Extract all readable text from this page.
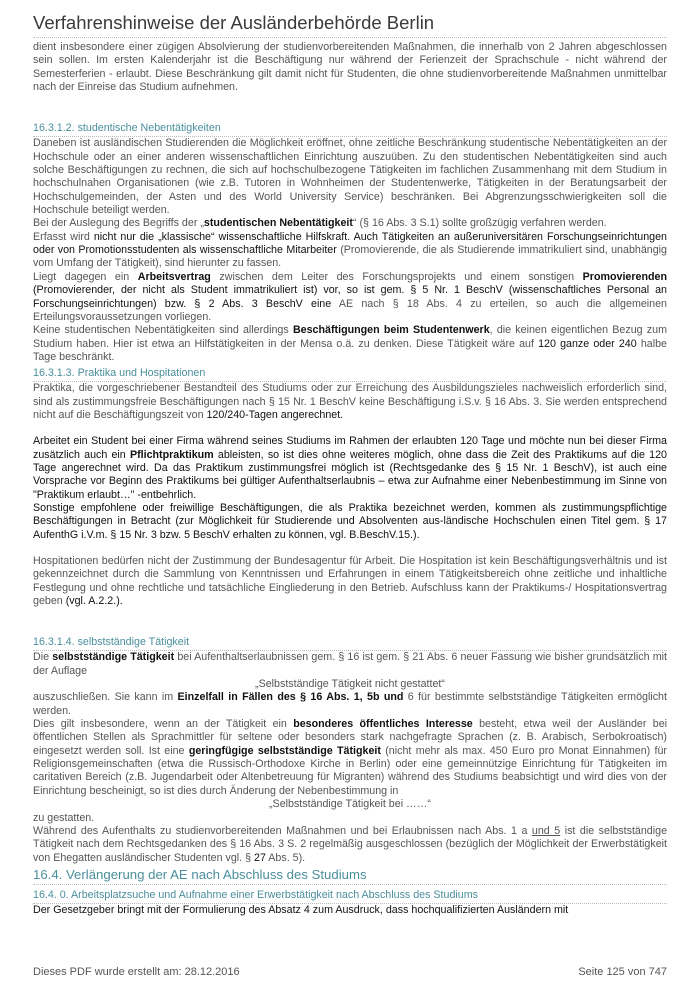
Verfahrenshinweise der Ausländerbehörde Berlin

dient insbesondere einer zügigen Absolvierung der studienvorbereitenden Maßnahmen, die innerhalb von 2 Jahren abgeschlossen sein sollen. Im ersten Kalenderjahr ist die Beschäftigung nur während der Ferienzeit der Sprachschule - nicht während der Semesterferien - erlaubt. Diese Beschränkung gilt damit nicht für Studenten, die ohne studienvorbereitende Maßnahmen unmittelbar nach der Einreise das Studium aufnehmen.

16.3.1.2. studentische Nebentätigkeiten

Daneben ist ausländischen Studierenden die Möglichkeit eröffnet, ohne zeitliche Beschränkung studentische Nebentätigkeiten an der Hochschule oder an einer anderen wissenschaftlichen Einrichtung auszuüben. Zu den studentischen Nebentätigkeiten sind auch solche Beschäftigungen zu rechnen, die sich auf hochschulbezogene Tätigkeiten im fachlichen Zusammenhang mit dem Studium in hochschulnahen Organisationen (wie z.B. Tutoren in Wohnheimen der Studentenwerke, Tätigkeiten in der Beratungsarbeit der Hochschulgemeinden, der Asten und des World University Service) beschränken. Bei Abgrenzungsschwierigkeiten soll die Hochschule beteiligt werden.

Bei der Auslegung des Begriffs der „studentischen Nebentätigkeit“ (§ 16 Abs. 3 S.1) sollte großzügig verfahren werden.

Erfasst wird nicht nur die „klassische“ wissenschaftliche Hilfskraft. Auch Tätigkeiten an außeruniversitären Forschungseinrichtungen oder von Promotionsstudenten als wissenschaftliche Mitarbeiter (Promovierende, die als Studierende immatrikuliert sind, unabhängig vom Umfang der Tätigkeit), sind hierunter zu fassen.

Liegt dagegen ein Arbeitsvertrag zwischen dem Leiter des Forschungsprojekts und einem sonstigen Promovierenden (Promovierender, der nicht als Student immatrikuliert ist) vor, so ist gem. § 5 Nr. 1 BeschV (wissenschaftliches Personal an Forschungseinrichtungen) bzw. § 2 Abs. 3 BeschV eine AE nach § 18 Abs. 4 zu erteilen, so auch die allgemeinen Erteilungsvoraussetzungen vorliegen.

Keine studentischen Nebentätigkeiten sind allerdings Beschäftigungen beim Studentenwerk, die keinen eigentlichen Bezug zum Studium haben. Hier ist etwa an Hilfstätigkeiten in der Mensa o.ä. zu denken. Diese Tätigkeit wäre auf 120 ganze oder 240 halbe Tage beschränkt.

16.3.1.3. Praktika und Hospitationen

Praktika, die vorgeschriebener Bestandteil des Studiums oder zur Erreichung des Ausbildungszieles nachweislich erforderlich sind, sind als zustimmungsfreie Beschäftigungen nach § 15 Nr. 1 BeschV keine Beschäftigung i.S.v. § 16 Abs. 3. Sie werden entsprechend nicht auf die Beschäftigungszeit von 120/240-Tagen angerechnet.

Arbeitet ein Student bei einer Firma während seines Studiums im Rahmen der erlaubten 120 Tage und möchte nun bei dieser Firma zusätzlich auch ein Pflichtpraktikum ableisten, so ist dies ohne weiteres möglich, ohne dass die Zeit des Praktikums auf die 120 Tage angerechnet wird. Da das Praktikum zustimmungsfrei möglich ist (Rechtsgedanke des § 15 Nr. 1 BeschV), ist auch eine Vorsprache vor Beginn des Praktikums bei gültiger Aufenthaltserlaubnis – etwa zur Aufnahme einer Nebenbestimmung im Sinne von "Praktikum erlaubt…" -entbehrlich.

Sonstige empfohlene oder freiwillige Beschäftigungen, die als Praktika bezeichnet werden, kommen als zustimmungspflichtige Beschäftigungen in Betracht (zur Möglichkeit für Studierende und Absolventen aus-ländische Hochschulen einen Titel gem. § 17 AufenthG i.V.m. § 15 Nr. 3 bzw. 5 BeschV erhalten zu können, vgl. B.BeschV.15.).

Hospitationen bedürfen nicht der Zustimmung der Bundesagentur für Arbeit. Die Hospitation ist kein Beschäftigungsverhältnis und ist gekennzeichnet durch die Sammlung von Kenntnissen und Erfahrungen in einem Tätigkeitsbereich ohne zeitliche und inhaltliche Festlegung und ohne rechtliche und tatsächliche Eingliederung in den Betrieb. Aufschluss kann der Praktikums-/ Hospitationsvertrag geben (vgl. A.2.2.).

16.3.1.4. selbstständige Tätigkeit

Die selbstständige Tätigkeit bei Aufenthaltserlaubnissen gem. § 16 ist gem. § 21 Abs. 6 neuer Fassung wie bisher grundsätzlich mit der Auflage

„Selbstständige Tätigkeit nicht gestattet“

auszuschließen. Sie kann im Einzelfall in Fällen des § 16 Abs. 1, 5b und 6 für bestimmte selbstständige Tätigkeiten ermöglicht werden.

Dies gilt insbesondere, wenn an der Tätigkeit ein besonderes öffentliches Interesse besteht, etwa weil der Ausländer bei öffentlichen Stellen als Sprachmittler für seltene oder besonders stark nachgefragte Sprachen (z. B. Arabisch, Serbokroatisch) eingesetzt werden soll. Ist eine geringfügige selbstständige Tätigkeit (nicht mehr als max. 450 Euro pro Monat Einnahmen) für Religionsgemeinschaften (etwa die Russisch-Orthodoxe Kirche in Berlin) oder eine gemeinnützige Einrichtung für Tätigkeiten im caritativen Bereich (z.B. Jugendarbeit oder Altenbetreuung für Migranten) während des Studiums beabsichtigt und wird dies von der Einrichtung bescheinigt, so ist dies durch Änderung der Nebenbestimmung in

„Selbstständige Tätigkeit bei ……“

zu gestatten.

Während des Aufenthalts zu studienvorbereitenden Maßnahmen und bei Erlaubnissen nach Abs. 1 a und 5 ist die selbstständige Tätigkeit nach dem Rechtsgedanken des § 16 Abs. 3 S. 2 regelmäßig ausgeschlossen (bezüglich der Möglichkeit der Erwerbstätigkeit von Ehegatten ausländischer Studenten vgl. § 27 Abs. 5).

16.4. Verlängerung der AE nach Abschluss des Studiums

16.4. 0. Arbeitsplatzsuche und Aufnahme einer Erwerbstätigkeit nach Abschluss des Studiums

Der Gesetzgeber bringt mit der Formulierung des Absatz 4 zum Ausdruck, dass hochqualifizierten Ausländern mit

Dieses PDF wurde erstellt am: 28.12.2016	Seite 125 von 747
